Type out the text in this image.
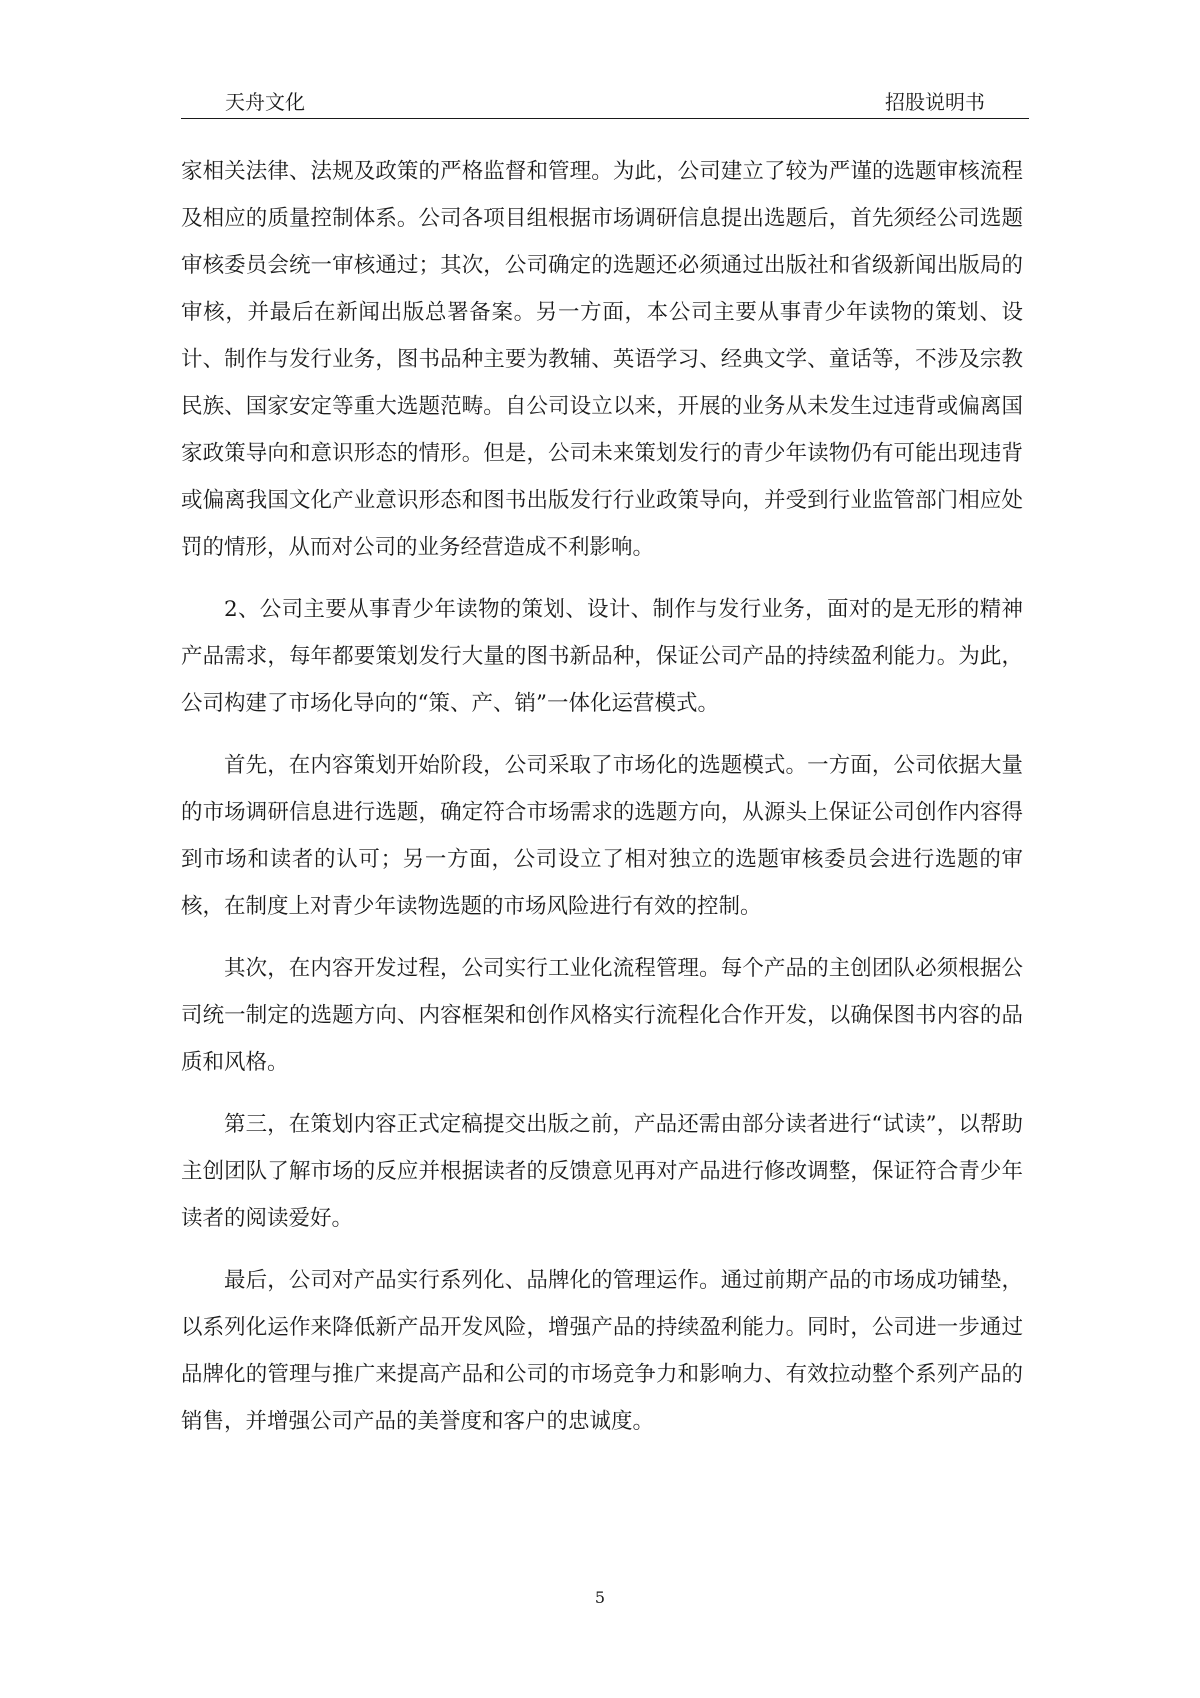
天舟文化	招股说明书

家相关法律、法规及政策的严格监督和管理。为此，公司建立了较为严谨的选题审核流程及相应的质量控制体系。公司各项目组根据市场调研信息提出选题后，首先须经公司选题审核委员会统一审核通过；其次，公司确定的选题还必须通过出版社和省级新闻出版局的审核，并最后在新闻出版总署备案。另一方面，本公司主要从事青少年读物的策划、设计、制作与发行业务，图书品种主要为教辅、英语学习、经典文学、童话等，不涉及宗教民族、国家安定等重大选题范畴。自公司设立以来，开展的业务从未发生过违背或偏离国家政策导向和意识形态的情形。但是，公司未来策划发行的青少年读物仍有可能出现违背或偏离我国文化产业意识形态和图书出版发行行业政策导向，并受到行业监管部门相应处罚的情形，从而对公司的业务经营造成不利影响。

2、公司主要从事青少年读物的策划、设计、制作与发行业务，面对的是无形的精神产品需求，每年都要策划发行大量的图书新品种，保证公司产品的持续盈利能力。为此，公司构建了市场化导向的“策、产、销”一体化运营模式。

首先，在内容策划开始阶段，公司采取了市场化的选题模式。一方面，公司依据大量的市场调研信息进行选题，确定符合市场需求的选题方向，从源头上保证公司创作内容得到市场和读者的认可；另一方面，公司设立了相对独立的选题审核委员会进行选题的审核，在制度上对青少年读物选题的市场风险进行有效的控制。

其次，在内容开发过程，公司实行工业化流程管理。每个产品的主创团队必须根据公司统一制定的选题方向、内容框架和创作风格实行流程化合作开发，以确保图书内容的品质和风格。

第三，在策划内容正式定稿提交出版之前，产品还需由部分读者进行“试读”，以帮助主创团队了解市场的反应并根据读者的反馈意见再对产品进行修改调整，保证符合青少年读者的阅读爱好。

最后，公司对产品实行系列化、品牌化的管理运作。通过前期产品的市场成功铺垫，以系列化运作来降低新产品开发风险，增强产品的持续盈利能力。同时，公司进一步通过品牌化的管理与推广来提高产品和公司的市场竞争力和影响力、有效拉动整个系列产品的销售，并增强公司产品的美誉度和客户的忠诚度。

5
